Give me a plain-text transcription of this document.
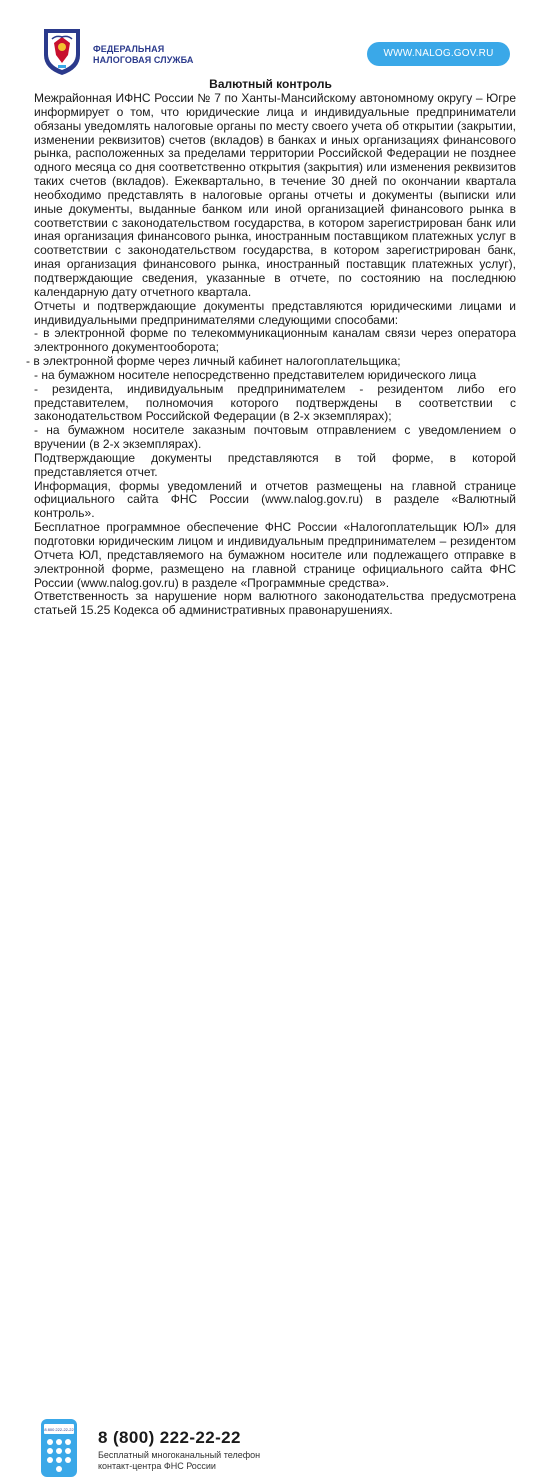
ФЕДЕРАЛЬНАЯ
НАЛОГОВАЯ СЛУЖБА
WWW.NALOG.GOV.RU
Валютный контроль

Межрайонная ИФНС России № 7 по Ханты-Мансийскому автономному округу – Югре информирует о том, что юридические лица и индивидуальные предприниматели обязаны уведомлять налоговые органы по месту своего учета об открытии (закрытии, изменении реквизитов) счетов (вкладов) в банках и иных организациях финансового рынка, расположенных за пределами территории Российской Федерации не позднее одного месяца со дня соответственно открытия (закрытия) или изменения реквизитов таких счетов (вкладов). Ежеквартально, в течение 30 дней по окончании квартала необходимо представлять в налоговые органы отчеты и документы (выписки или иные документы, выданные банком или иной организацией финансового рынка в соответствии с законодательством государства, в котором зарегистрирован банк или иная организация финансового рынка, иностранным поставщиком платежных услуг в соответствии с законодательством государства, в котором зарегистрирован банк, иная организация финансового рынка, иностранный поставщик платежных услуг), подтверждающие сведения, указанные в отчете, по состоянию на последнюю календарную дату отчетного квартала.

Отчеты и подтверждающие документы представляются юридическими лицами и индивидуальными предпринимателями следующими способами:

- в электронной форме по телекоммуникационным каналам связи через оператора электронного документооборота;

- в электронной форме через личный кабинет налогоплательщика;

- на бумажном носителе непосредственно представителем юридического лица

- резидента, индивидуальным предпринимателем - резидентом либо его представителем, полномочия которого подтверждены в соответствии с законодательством Российской Федерации (в 2-х экземплярах);

- на бумажном носителе заказным почтовым отправлением с уведомлением о вручении (в 2-х экземплярах).

Подтверждающие документы представляются в той форме, в которой представляется отчет.

Информация, формы уведомлений и отчетов размещены на главной странице официального сайта ФНС России (www.nalog.gov.ru) в разделе «Валютный контроль».

Бесплатное программное обеспечение ФНС России «Налогоплательщик ЮЛ» для подготовки юридическим лицом и индивидуальным предпринимателем – резидентом Отчета ЮЛ, представляемого на бумажном носителе или подлежащего отправке в электронной форме, размещено на главной странице официального сайта ФНС России (www.nalog.gov.ru) в разделе «Программные средства».

Ответственность за нарушение норм валютного законодательства предусмотрена статьей 15.25 Кодекса об административных правонарушениях.

8 800 222-22-22 8 (800) 222-22-22
Бесплатный многоканальный телефон
контакт-центра ФНС России
